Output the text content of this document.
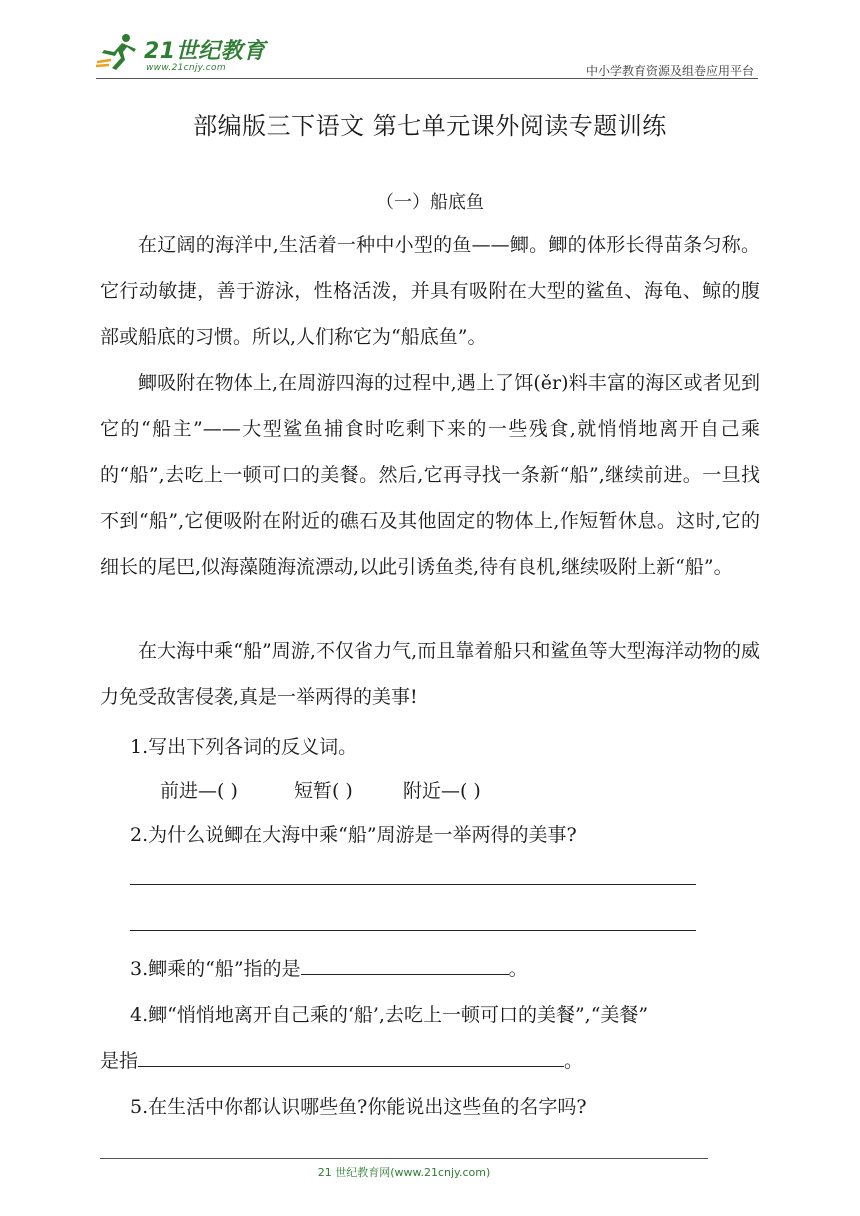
21世纪教育
www.21cnjy.com	中小学教育资源及组卷应用平台
部编版三下语文 第七单元课外阅读专题训练
（一）船底鱼

在辽阔的海洋中,生活着一种中小型的鱼——鲫。鲫的体形长得苗条匀称。它行动敏捷，善于游泳，性格活泼，并具有吸附在大型的鲨鱼、海龟、鲸的腹部或船底的习惯。所以,人们称它为“船底鱼”。

鲫吸附在物体上,在周游四海的过程中,遇上了饵(ěr)料丰富的海区或者见到它的“船主”——大型鲨鱼捕食时吃剩下来的一些残食,就悄悄地离开自己乘的“船”,去吃上一顿可口的美餐。然后,它再寻找一条新“船”,继续前进。一旦找不到“船”,它便吸附在附近的礁石及其他固定的物体上,作短暂休息。这时,它的细长的尾巴,似海藻随海流漂动,以此引诱鱼类,待有良机,继续吸附上新“船”。

在大海中乘“船”周游,不仅省力气,而且靠着船只和鲨鱼等大型海洋动物的威力免受敌害侵袭,真是一举两得的美事!

1.写出下列各词的反义词。

前进—( )	短暂( )	附近—( )

2.为什么说鲫在大海中乘“船”周游是一举两得的美事?

3.鲫乘的“船”指的是	。

4.鲫“悄悄地离开自己乘的‘船’,去吃上一顿可口的美餐”,“美餐”

是指	。

5.在生活中你都认识哪些鱼?你能说出这些鱼的名字吗?

21 世纪教育网(www.21cnjy.com)
